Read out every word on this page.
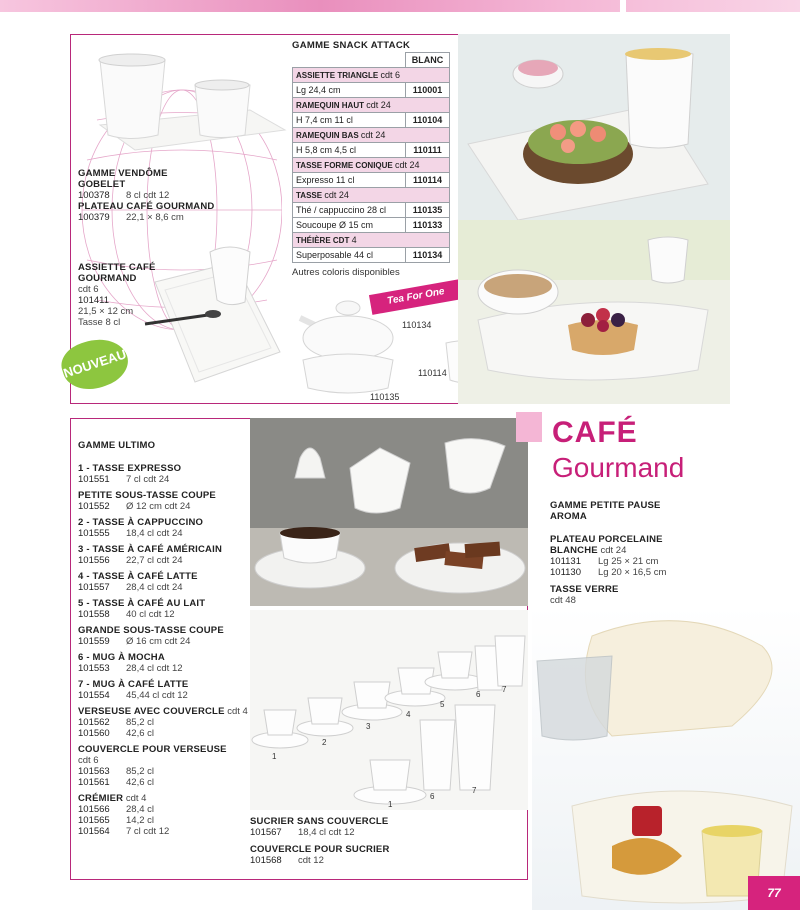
GAMME VENDÔME
GOBELET
100378	8 cl cdt 12
PLATEAU CAFÉ GOURMAND
100379	22,1 × 8,6 cm
ASSIETTE CAFÉ
GOURMAND
cdt 6
101411
21,5 × 12 cm
Tasse 8 cl
NOUVEAU
GAMME SNACK ATTACK
	BLANC
ASSIETTE TRIANGLE cdt 6	
Lg 24,4 cm	110001
RAMEQUIN HAUT cdt 24	
H 7,4 cm 11 cl	110104
RAMEQUIN BAS cdt 24	
H 5,8 cm 4,5 cl	110111
TASSE FORME CONIQUE cdt 24	
Expresso 11 cl	110114
TASSE cdt 24	
Thé / cappuccino 28 cl	110135
Soucoupe Ø 15 cm	110133
THÉIÈRE CDT 4	
Superposable 44 cl	110134
Autres coloris disponibles
Tea For One
110134
110114
110135
GAMME ULTIMO
1 - TASSE EXPRESSO
101551	7 cl cdt 24
PETITE SOUS-TASSE COUPE
101552	Ø 12 cm cdt 24
2 - TASSE À CAPPUCCINO
101555	18,4 cl cdt 24
3 - TASSE À CAFÉ AMÉRICAIN
101556	22,7 cl cdt 24
4 - TASSE À CAFÉ LATTE
101557	28,4 cl cdt 24
5 - TASSE À CAFÉ AU LAIT
101558	40 cl cdt 12
GRANDE SOUS-TASSE COUPE
101559	Ø 16 cm cdt 24
6 - MUG À MOCHA
101553	28,4 cl cdt 12
7 - MUG À CAFÉ LATTE
101554	45,44 cl cdt 12
VERSEUSE AVEC COUVERCLE cdt 4
101562	85,2 cl
101560	42,6 cl
COUVERCLE POUR VERSEUSE
cdt 6
101563	85,2 cl
101561	42,6 cl
CRÉMIER cdt 4
101566	28,4 cl
101565	14,2 cl
101564	7 cl cdt 12
1
2
3
4
5
6
7
1
6
7
SUCRIER SANS COUVERCLE
101567	18,4 cl cdt 12
COUVERCLE POUR SUCRIER
101568	cdt 12
CAFÉ
Gourmand
GAMME PETITE PAUSE
AROMA
PLATEAU PORCELAINE
BLANCHE cdt 24
101131	Lg 25 × 21 cm
101130	Lg 20 × 16,5 cm
TASSE VERRE
cdt 48
77
